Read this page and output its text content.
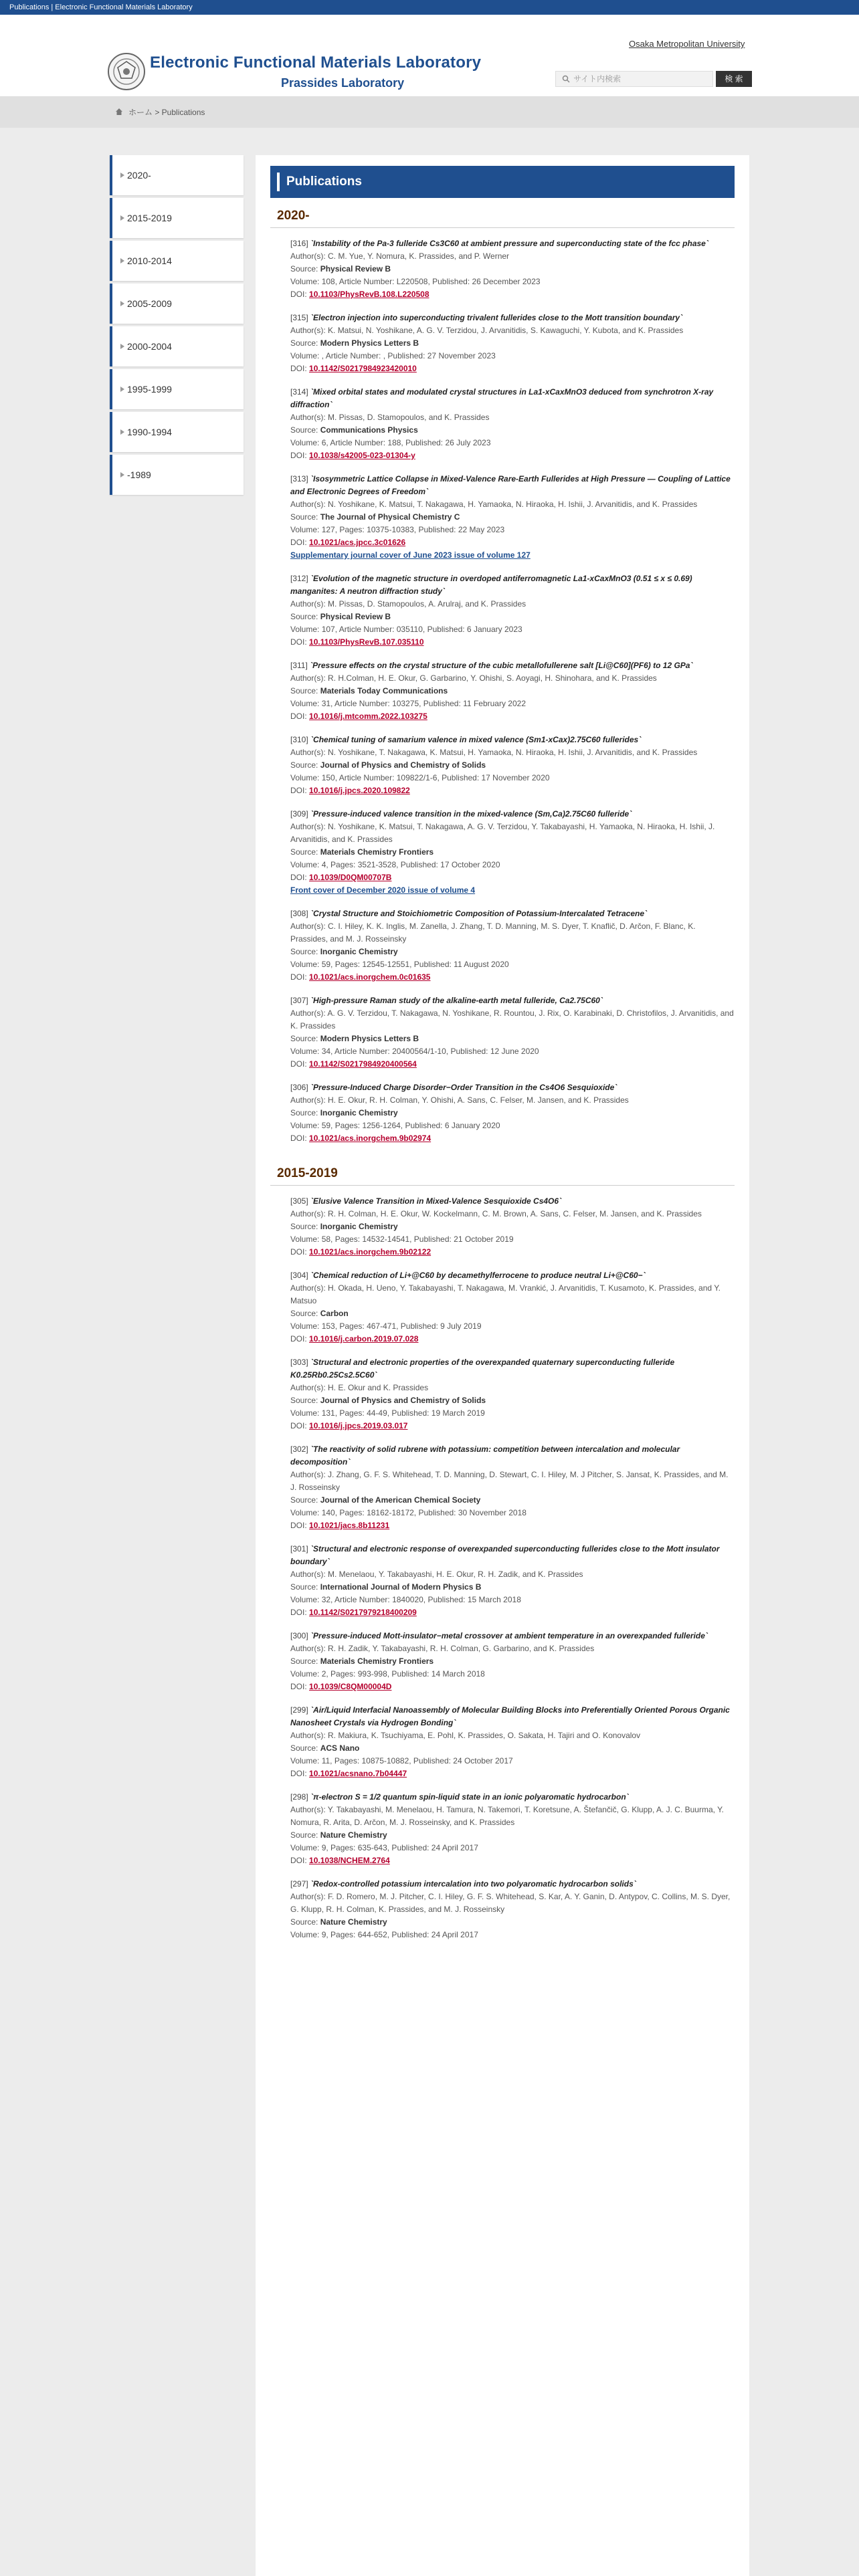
Publications | Electronic Functional Materials Laboratory
Electronic Functional Materials Laboratory
Prassides Laboratory
Osaka Metropolitan University
サイト内検索	検 索
ホーム > Publications
2020-
2015-2019
2010-2014
2005-2009
2000-2004
1995-1999
1990-1994
-1989
Publications
2020-
[316] `Instability of the Pa-3 fulleride Cs3C60 at ambient pressure and superconducting state of the fcc phase`
Author(s): C. M. Yue, Y. Nomura, K. Prassides, and P. Werner
Source: Physical Review B
Volume: 108, Article Number: L220508, Published: 26 December 2023
DOI: 10.1103/PhysRevB.108.L220508
[315] `Electron injection into superconducting trivalent fullerides close to the Mott transition boundary`
Author(s): K. Matsui, N. Yoshikane, A. G. V. Terzidou, J. Arvanitidis, S. Kawaguchi, Y. Kubota, and K. Prassides
Source: Modern Physics Letters B
Volume: , Article Number: , Published: 27 November 2023
DOI: 10.1142/S0217984923420010
[314] `Mixed orbital states and modulated crystal structures in La1-xCaxMnO3 deduced from synchrotron X-ray diffraction`
Author(s): M. Pissas, D. Stamopoulos, and K. Prassides
Source: Communications Physics
Volume: 6, Article Number: 188, Published: 26 July 2023
DOI: 10.1038/s42005-023-01304-y
[313] `Isosymmetric Lattice Collapse in Mixed-Valence Rare-Earth Fullerides at High Pressure ― Coupling of Lattice and Electronic Degrees of Freedom`
Author(s): N. Yoshikane, K. Matsui, T. Nakagawa, H. Yamaoka, N. Hiraoka, H. Ishii, J. Arvanitidis, and K. Prassides
Source: The Journal of Physical Chemistry C
Volume: 127, Pages: 10375-10383, Published: 22 May 2023
DOI: 10.1021/acs.jpcc.3c01626
Supplementary journal cover of June 2023 issue of volume 127
[312] `Evolution of the magnetic structure in overdoped antiferromagnetic La1-xCaxMnO3 (0.51 ≤ x ≤ 0.69) manganites: A neutron diffraction study`
Author(s): M. Pissas, D. Stamopoulos, A. Arulraj, and K. Prassides
Source: Physical Review B
Volume: 107, Article Number: 035110, Published: 6 January 2023
DOI: 10.1103/PhysRevB.107.035110
[311] `Pressure effects on the crystal structure of the cubic metallofullerene salt [Li@C60](PF6) to 12 GPa`
Author(s): R. H.Colman, H. E. Okur, G. Garbarino, Y. Ohishi, S. Aoyagi, H. Shinohara, and K. Prassides
Source: Materials Today Communications
Volume: 31, Article Number: 103275, Published: 11 February 2022
DOI: 10.1016/j.mtcomm.2022.103275
[310] `Chemical tuning of samarium valence in mixed valence (Sm1-xCax)2.75C60 fullerides`
Author(s): N. Yoshikane, T. Nakagawa, K. Matsui, H. Yamaoka, N. Hiraoka, H. Ishii, J. Arvanitidis, and K. Prassides
Source: Journal of Physics and Chemistry of Solids
Volume: 150, Article Number: 109822/1-6, Published: 17 November 2020
DOI: 10.1016/j.jpcs.2020.109822
[309] `Pressure-induced valence transition in the mixed-valence (Sm,Ca)2.75C60 fulleride`
Author(s): N. Yoshikane, K. Matsui, T. Nakagawa, A. G. V. Terzidou, Y. Takabayashi, H. Yamaoka, N. Hiraoka, H. Ishii, J. Arvanitidis, and K. Prassides
Source: Materials Chemistry Frontiers
Volume: 4, Pages: 3521-3528, Published: 17 October 2020
DOI: 10.1039/D0QM00707B
Front cover of December 2020 issue of volume 4
[308] `Crystal Structure and Stoichiometric Composition of Potassium-Intercalated Tetracene`
Author(s): C. I. Hiley, K. K. Inglis, M. Zanella, J. Zhang, T. D. Manning, M. S. Dyer, T. Knaflič, D. Arčon, F. Blanc, K. Prassides, and M. J. Rosseinsky
Source: Inorganic Chemistry
Volume: 59, Pages: 12545-12551, Published: 11 August 2020
DOI: 10.1021/acs.inorgchem.0c01635
[307] `High-pressure Raman study of the alkaline-earth metal fulleride, Ca2.75C60`
Author(s): A. G. V. Terzidou, T. Nakagawa, N. Yoshikane, R. Rountou, J. Rix, O. Karabinaki, D. Christofilos, J. Arvanitidis, and K. Prassides
Source: Modern Physics Letters B
Volume: 34, Article Number: 20400564/1-10, Published: 12 June 2020
DOI: 10.1142/S0217984920400564
[306] `Pressure-Induced Charge Disorder−Order Transition in the Cs4O6 Sesquioxide`
Author(s): H. E. Okur, R. H. Colman, Y. Ohishi, A. Sans, C. Felser, M. Jansen, and K. Prassides
Source: Inorganic Chemistry
Volume: 59, Pages: 1256-1264, Published: 6 January 2020
DOI: 10.1021/acs.inorgchem.9b02974
2015-2019
[305] `Elusive Valence Transition in Mixed-Valence Sesquioxide Cs4O6`
Author(s): R. H. Colman, H. E. Okur, W. Kockelmann, C. M. Brown, A. Sans, C. Felser, M. Jansen, and K. Prassides
Source: Inorganic Chemistry
Volume: 58, Pages: 14532-14541, Published: 21 October 2019
DOI: 10.1021/acs.inorgchem.9b02122
[304] `Chemical reduction of Li+@C60 by decamethylferrocene to produce neutral Li+@C60−`
Author(s): H. Okada, H. Ueno, Y. Takabayashi, T. Nakagawa, M. Vrankić, J. Arvanitidis, T. Kusamoto, K. Prassides, and Y. Matsuo
Source: Carbon
Volume: 153, Pages: 467-471, Published: 9 July 2019
DOI: 10.1016/j.carbon.2019.07.028
[303] `Structural and electronic properties of the overexpanded quaternary superconducting fulleride K0.25Rb0.25Cs2.5C60`
Author(s): H. E. Okur and K. Prassides
Source: Journal of Physics and Chemistry of Solids
Volume: 131, Pages: 44-49, Published: 19 March 2019
DOI: 10.1016/j.jpcs.2019.03.017
[302] `The reactivity of solid rubrene with potassium: competition between intercalation and molecular decomposition`
Author(s): J. Zhang, G. F. S. Whitehead, T. D. Manning, D. Stewart, C. I. Hiley, M. J Pitcher, S. Jansat, K. Prassides, and M. J. Rosseinsky
Source: Journal of the American Chemical Society
Volume: 140, Pages: 18162-18172, Published: 30 November 2018
DOI: 10.1021/jacs.8b11231
[301] `Structural and electronic response of overexpanded superconducting fullerides close to the Mott insulator boundary`
Author(s): M. Menelaou, Y. Takabayashi, H. E. Okur, R. H. Zadik, and K. Prassides
Source: International Journal of Modern Physics B
Volume: 32, Article Number: 1840020, Published: 15 March 2018
DOI: 10.1142/S0217979218400209
[300] `Pressure-induced Mott-insulator−metal crossover at ambient temperature in an overexpanded fulleride`
Author(s): R. H. Zadik, Y. Takabayashi, R. H. Colman, G. Garbarino, and K. Prassides
Source: Materials Chemistry Frontiers
Volume: 2, Pages: 993-998, Published: 14 March 2018
DOI: 10.1039/C8QM00004D
[299] `Air/Liquid Interfacial Nanoassembly of Molecular Building Blocks into Preferentially Oriented Porous Organic Nanosheet Crystals via Hydrogen Bonding`
Author(s): R. Makiura, K. Tsuchiyama, E. Pohl, K. Prassides, O. Sakata, H. Tajiri and O. Konovalov
Source: ACS Nano
Volume: 11, Pages: 10875-10882, Published: 24 October 2017
DOI: 10.1021/acsnano.7b04447
[298] `π-electron S = 1/2 quantum spin-liquid state in an ionic polyaromatic hydrocarbon`
Author(s): Y. Takabayashi, M. Menelaou, H. Tamura, N. Takemori, T. Koretsune, A. Štefančič, G. Klupp, A. J. C. Buurma, Y. Nomura, R. Arita, D. Arčon, M. J. Rosseinsky, and K. Prassides
Source: Nature Chemistry
Volume: 9, Pages: 635-643, Published: 24 April 2017
DOI: 10.1038/NCHEM.2764
[297] `Redox-controlled potassium intercalation into two polyaromatic hydrocarbon solids`
Author(s): F. D. Romero, M. J. Pitcher, C. I. Hiley, G. F. S. Whitehead, S. Kar, A. Y. Ganin, D. Antypov, C. Collins, M. S. Dyer, G. Klupp, R. H. Colman, K. Prassides, and M. J. Rosseinsky
Source: Nature Chemistry
Volume: 9, Pages: 644-652, Published: 24 April 2017
